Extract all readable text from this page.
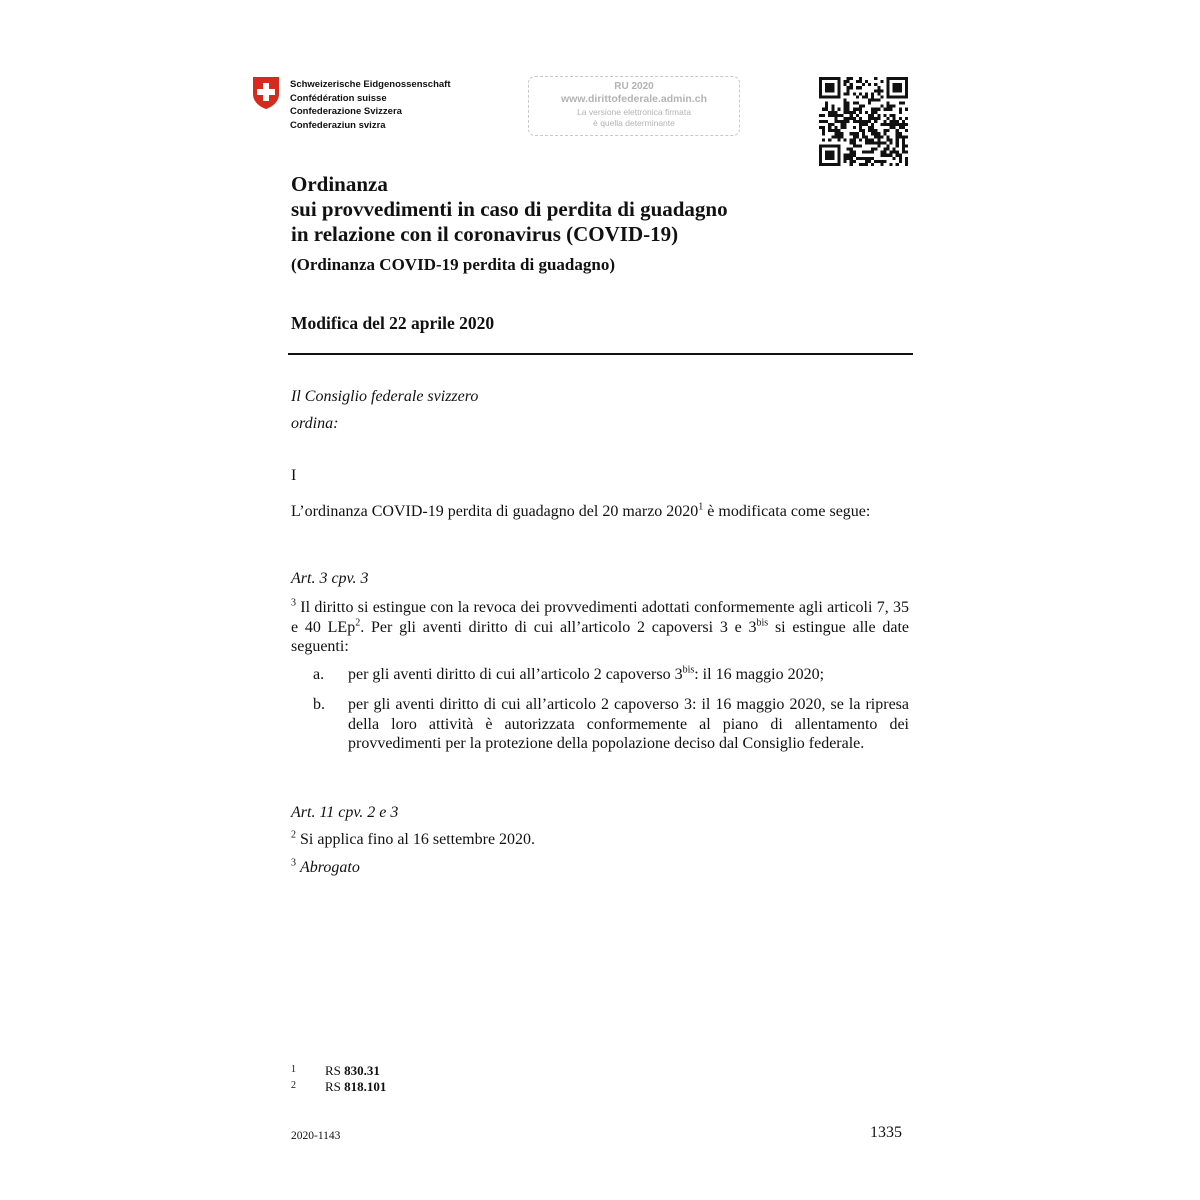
Schweizerische Eidgenossenschaft
Confédération suisse
Confederazione Svizzera
Confederaziun svizra
RU 2020
www.dirittofederale.admin.ch
La versione elettronica firmata
è quella determinante
Ordinanza
sui provvedimenti in caso di perdita di guadagno
in relazione con il coronavirus (COVID-19)
(Ordinanza COVID-19 perdita di guadagno)
Modifica del 22 aprile 2020
Il Consiglio federale svizzero
ordina:
I
L’ordinanza COVID-19 perdita di guadagno del 20 marzo 2020$^1$ è modificata come segue:
Art. 3 cpv. 3
$^3$ Il diritto si estingue con la revoca dei provvedimenti adottati conformemente agli articoli 7, 35 e 40 LEp$^2$. Per gli aventi diritto di cui all’articolo 2 capoversi 3 e $3^{bis}$ si estingue alle date seguenti:
a. per gli aventi diritto di cui all’articolo 2 capoverso $3^{bis}$: il 16 maggio 2020;
b. per gli aventi diritto di cui all’articolo 2 capoverso 3: il 16 maggio 2020, se la ripresa della loro attività è autorizzata conformemente al piano di allentamento dei provvedimenti per la protezione della popolazione deciso dal Consiglio federale.
Art. 11 cpv. 2 e 3
$^2$ Si applica fino al 16 settembre 2020.
$^3$ Abrogato
1 RS 830.31
2 RS 818.101
2020-1143	1335
